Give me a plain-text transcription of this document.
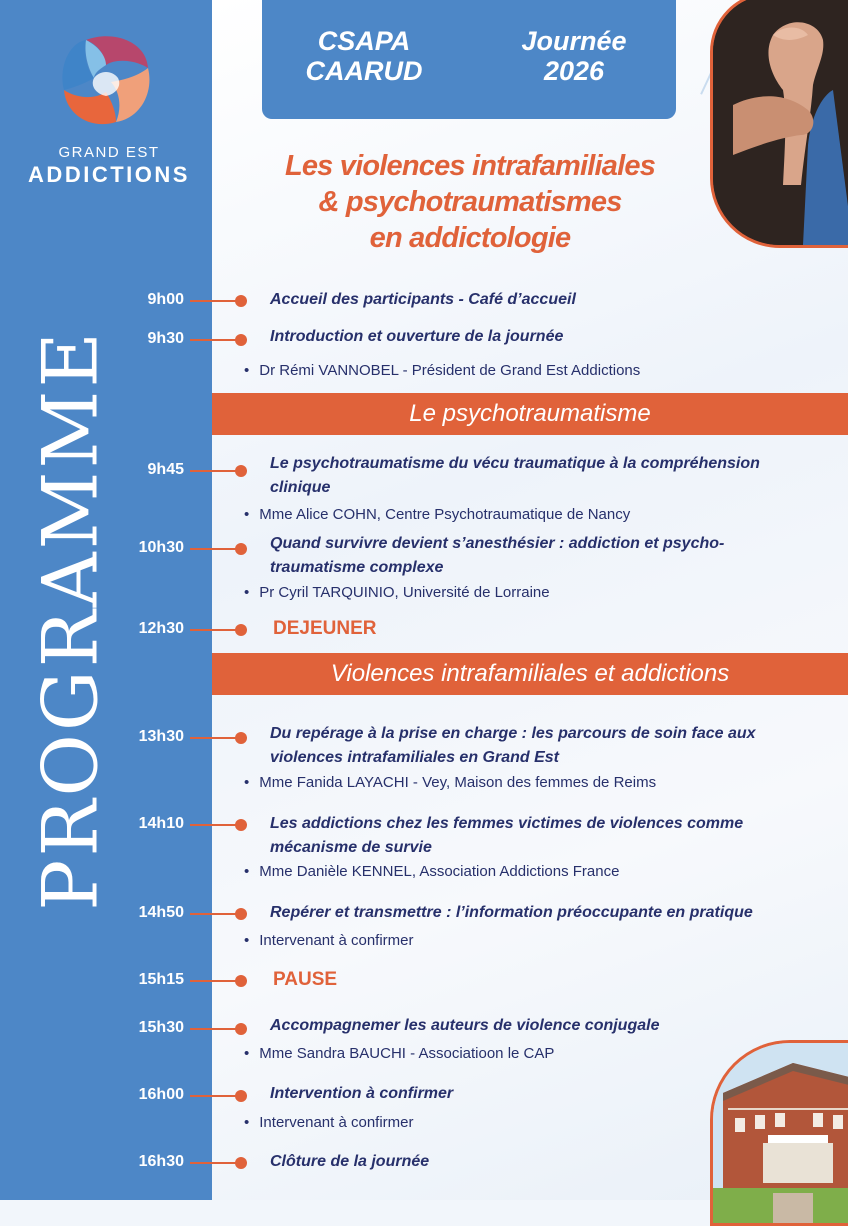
GRAND EST
ADDICTIONS
PROGRAMME
CSAPA
CAARUD
Journée
2026
Les violences intrafamiliales
& psychotraumatismes
en addictologie
9h00	Accueil des participants - Café d’accueil
9h30	Introduction et ouverture de la journée
• Dr Rémi VANNOBEL - Président de Grand Est Addictions
Le psychotraumatisme
9h45	Le psychotraumatisme du vécu traumatique à la compréhension
clinique
• Mme Alice COHN, Centre Psychotraumatique de Nancy
10h30	Quand survivre devient s’anesthésier : addiction et psycho-
traumatisme complexe
• Pr Cyril TARQUINIO, Université de Lorraine
12h30	DEJEUNER
Violences intrafamiliales et addictions
13h30	Du repérage à la prise en charge : les parcours de soin face aux
violences intrafamiliales en Grand Est
• Mme Fanida LAYACHI - Vey, Maison des femmes de Reims
14h10	Les addictions chez les femmes victimes de violences comme
mécanisme de survie
• Mme Danièle KENNEL, Association Addictions France
14h50	Repérer et transmettre : l’information préoccupante en pratique
• Intervenant à confirmer
15h15	PAUSE
15h30	Accompagnemer les auteurs de violence conjugale
• Mme Sandra BAUCHI - Associatioon le CAP
16h00	Intervention à confirmer
• Intervenant à confirmer
16h30	Clôture de la journée
